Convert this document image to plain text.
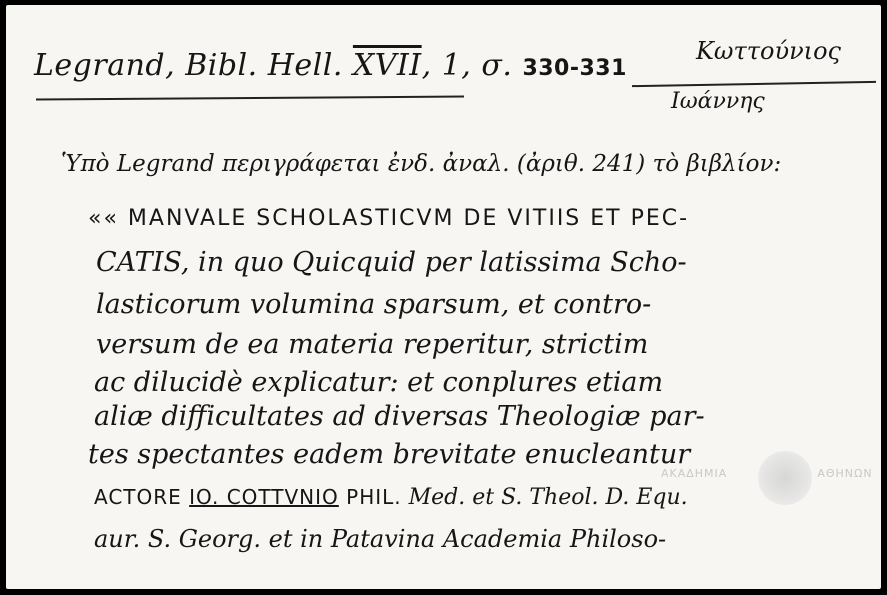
Legrand, Bibl. Hell. XVII, 1, σ. 330-331
Κωττούνιος
Ιωάννης
Ὑπὸ Legrand περιγράφεται ἐνδ. ἀναλ. (ἀριθ. 241) τὸ βιβλίον:
«« MANVALE SCHOLASTICVM DE VITIIS ET PEC-
CATIS, in quo Quicquid per latissima Scho-
lasticorum volumina sparsum, et contro-
versum de ea materia reperitur, strictim
ac dilucidè explicatur: et conplures etiam
aliæ difficultates ad diversas Theologiæ par-
tes spectantes eadem brevitate enucleantur
ACTORE IO. COTTVNIO PHIL. Med. et S. Theol. D. Equ.
aur. S. Georg. et in Patavina Academia Philoso-
ΑΚΑΔΗΜΙΑ	ΑΘΗΝΩΝ
